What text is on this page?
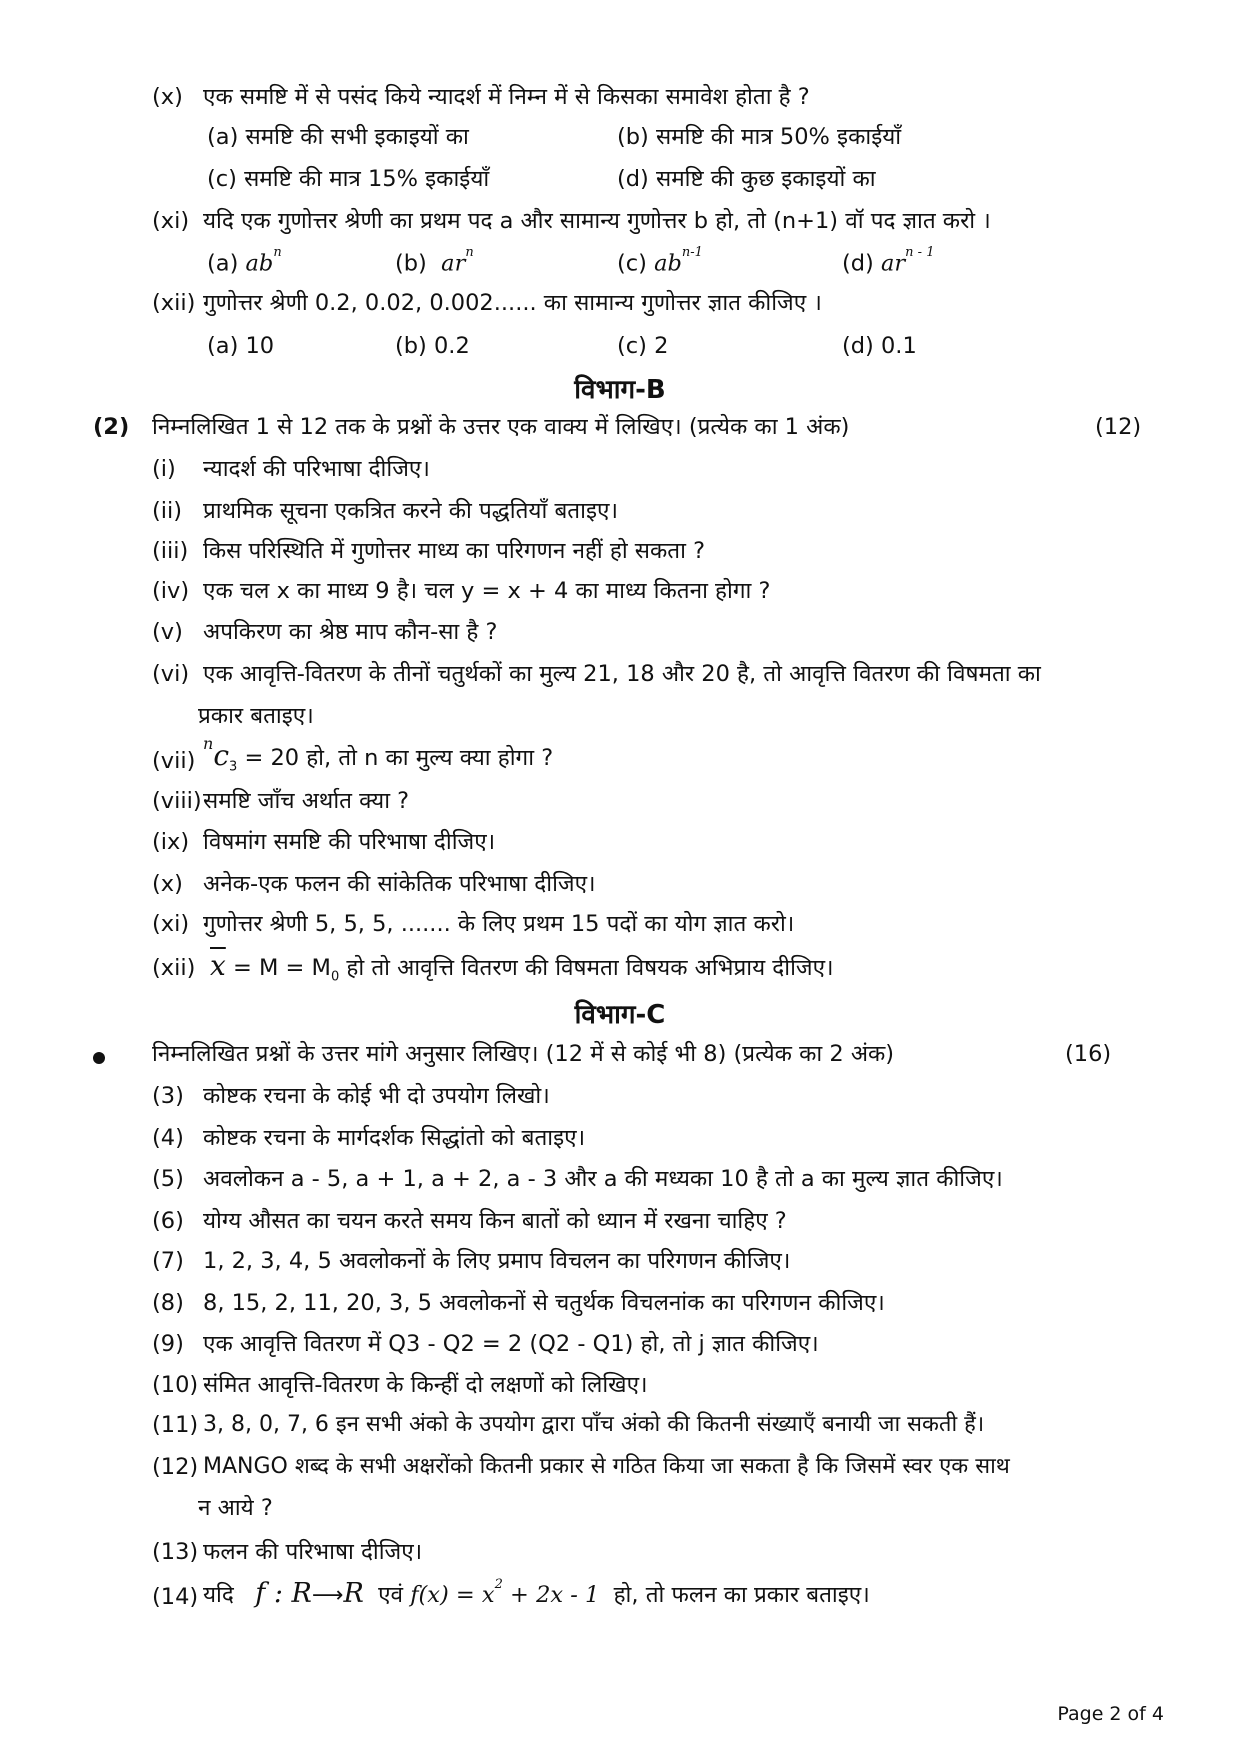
(x) एक समष्टि में से पसंद किये न्यादर्श में निम्न में से किसका समावेश होता है ?
(a) समष्टि की सभी इकाइयों का	(b) समष्टि की मात्र 50% इकाईयाँ
(c) समष्टि की मात्र 15% इकाईयाँ	(d) समष्टि की कुछ इकाइयों का
(xi) यदि एक गुणोत्तर श्रेणी का प्रथम पद a और सामान्य गुणोत्तर b हो, तो (n+1) वॉ पद ज्ञात करो ।
(a) $ab^n$	(b) $ar^n$	(c) $ab^{n-1}$	(d) $ar^{n - 1}$
(xii) गुणोत्तर श्रेणी 0.2, 0.02, 0.002...... का सामान्य गुणोत्तर ज्ञात कीजिए ।
(a) 10	(b) 0.2	(c) 2	(d) 0.1
विभाग-B
(2) निम्नलिखित 1 से 12 तक के प्रश्नों के उत्तर एक वाक्य में लिखिए। (प्रत्येक का 1 अंक)	(12)
(i) न्यादर्श की परिभाषा दीजिए।
(ii) प्राथमिक सूचना एकत्रित करने की पद्धतियाँ बताइए।
(iii) किस परिस्थिति में गुणोत्तर माध्य का परिगणन नहीं हो सकता ?
(iv) एक चल x का माध्य 9 है। चल y = x + 4 का माध्य कितना होगा ?
(v) अपकिरण का श्रेष्ठ माप कौन-सा है ?
(vi) एक आवृत्ति-वितरण के तीनों चतुर्थकों का मुल्य 21, 18 और 20 है, तो आवृत्ति वितरण की विषमता का
प्रकार बताइए।
(vii)
$^nc_3 = 20$ हो, तो n का मुल्य क्या होगा ?
(viii) समष्टि जाँच अर्थात क्या ?
(ix) विषमांग समष्टि की परिभाषा दीजिए।
(x) अनेक-एक फलन की सांकेतिक परिभाषा दीजिए।
(xi) गुणोत्तर श्रेणी 5, 5, 5, ....... के लिए प्रथम 15 पदों का योग ज्ञात करो।
(xii) $\overline{x} = M = M_0$ हो तो आवृत्ति वितरण की विषमता विषयक अभिप्राय दीजिए।
विभाग-C
निम्नलिखित प्रश्नों के उत्तर मांगे अनुसार लिखिए। (12 में से कोई भी 8) (प्रत्येक का 2 अंक)	(16)
(3) कोष्टक रचना के कोई भी दो उपयोग लिखो।
(4) कोष्टक रचना के मार्गदर्शक सिद्धांतो को बताइए।
(5) अवलोकन a - 5, a + 1, a + 2, a - 3 और a की मध्यका 10 है तो a का मुल्य ज्ञात कीजिए।
(6) योग्य औसत का चयन करते समय किन बातों को ध्यान में रखना चाहिए ?
(7) 1, 2, 3, 4, 5 अवलोकनों के लिए प्रमाप विचलन का परिगणन कीजिए।
(8) 8, 15, 2, 11, 20, 3, 5 अवलोकनों से चतुर्थक विचलनांक का परिगणन कीजिए।
(9) एक आवृत्ति वितरण में Q3 - Q2 = 2 (Q2 - Q1) हो, तो j ज्ञात कीजिए।
(10) संमित आवृत्ति-वितरण के किन्हीं दो लक्षणों को लिखिए।
(11) 3, 8, 0, 7, 6 इन सभी अंको के उपयोग द्वारा पाँच अंको की कितनी संख्याएँ बनायी जा सकती हैं।
(12) MANGO शब्द के सभी अक्षरोंको कितनी प्रकार से गठित किया जा सकता है कि जिसमें स्वर एक साथ
न आये ?
(13) फलन की परिभाषा दीजिए।
(14) यदि f : R⟶R एवं $f(x) = x^2 + 2x - 1$ हो, तो फलन का प्रकार बताइए।
Page 2 of 4
